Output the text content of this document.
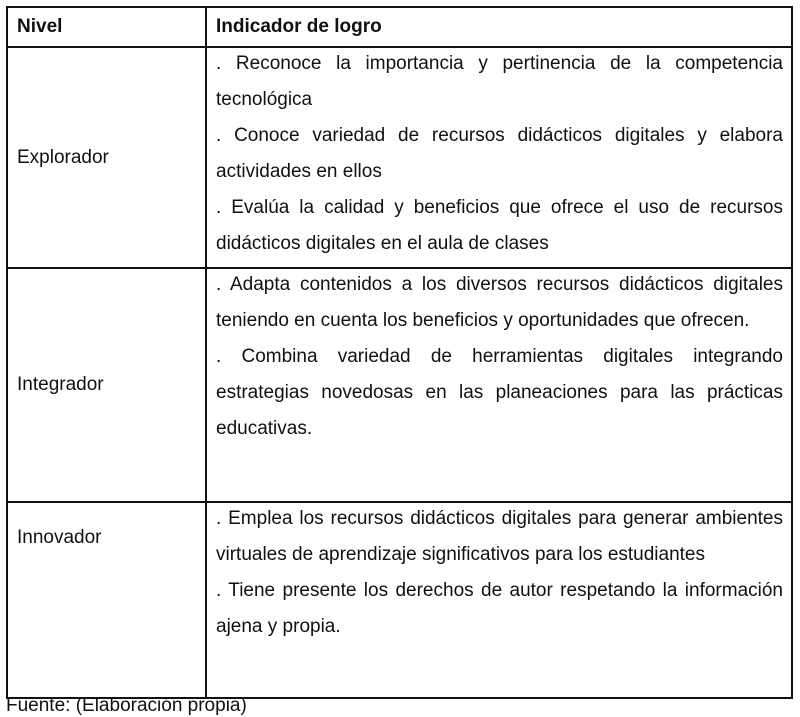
Nivel	Indicador de logro
Explorador

. Reconoce la importancia y pertinencia de la competencia tecnológica
. Conoce variedad de recursos didácticos digitales y elabora actividades en ellos
. Evalúa la calidad y beneficios que ofrece el uso de recursos didácticos digitales en el aula de clases

Integrador

. Adapta contenidos a los diversos recursos didácticos digitales teniendo en cuenta los beneficios y oportunidades que ofrecen.
. Combina variedad de herramientas digitales integrando estrategias novedosas en las planeaciones para las prácticas educativas.

Innovador

. Emplea los recursos didácticos digitales para generar ambientes virtuales de aprendizaje significativos para los estudiantes
. Tiene presente los derechos de autor respetando la información ajena y propia.

Fuente: (Elaboración propia)
